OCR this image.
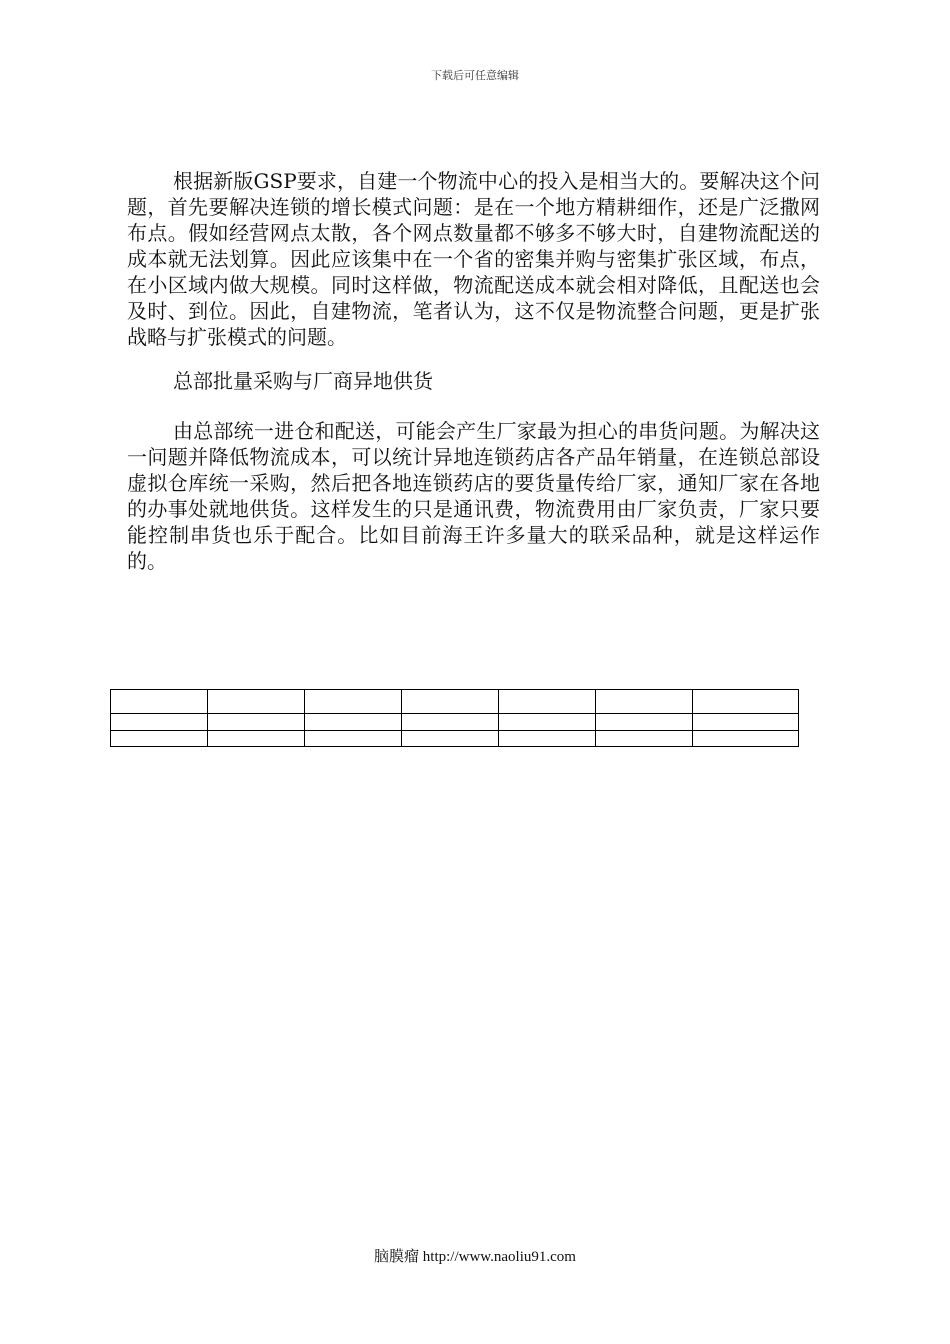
下载后可任意编辑

根据新版GSP要求，自建一个物流中心的投入是相当大的。要解决这个问题，首先要解决连锁的增长模式问题：是在一个地方精耕细作，还是广泛撒网布点。假如经营网点太散，各个网点数量都不够多不够大时，自建物流配送的成本就无法划算。因此应该集中在一个省的密集并购与密集扩张区域，布点，在小区域内做大规模。同时这样做，物流配送成本就会相对降低，且配送也会及时、到位。因此，自建物流，笔者认为，这不仅是物流整合问题，更是扩张战略与扩张模式的问题。

总部批量采购与厂商异地供货

由总部统一进仓和配送，可能会产生厂家最为担心的串货问题。为解决这一问题并降低物流成本，可以统计异地连锁药店各产品年销量，在连锁总部设虚拟仓库统一采购，然后把各地连锁药店的要货量传给厂家，通知厂家在各地的办事处就地供货。这样发生的只是通讯费，物流费用由厂家负责，厂家只要能控制串货也乐于配合。比如目前海王许多量大的联采品种，就是这样运作的。

脑膜瘤 http://www.naoliu91.com
